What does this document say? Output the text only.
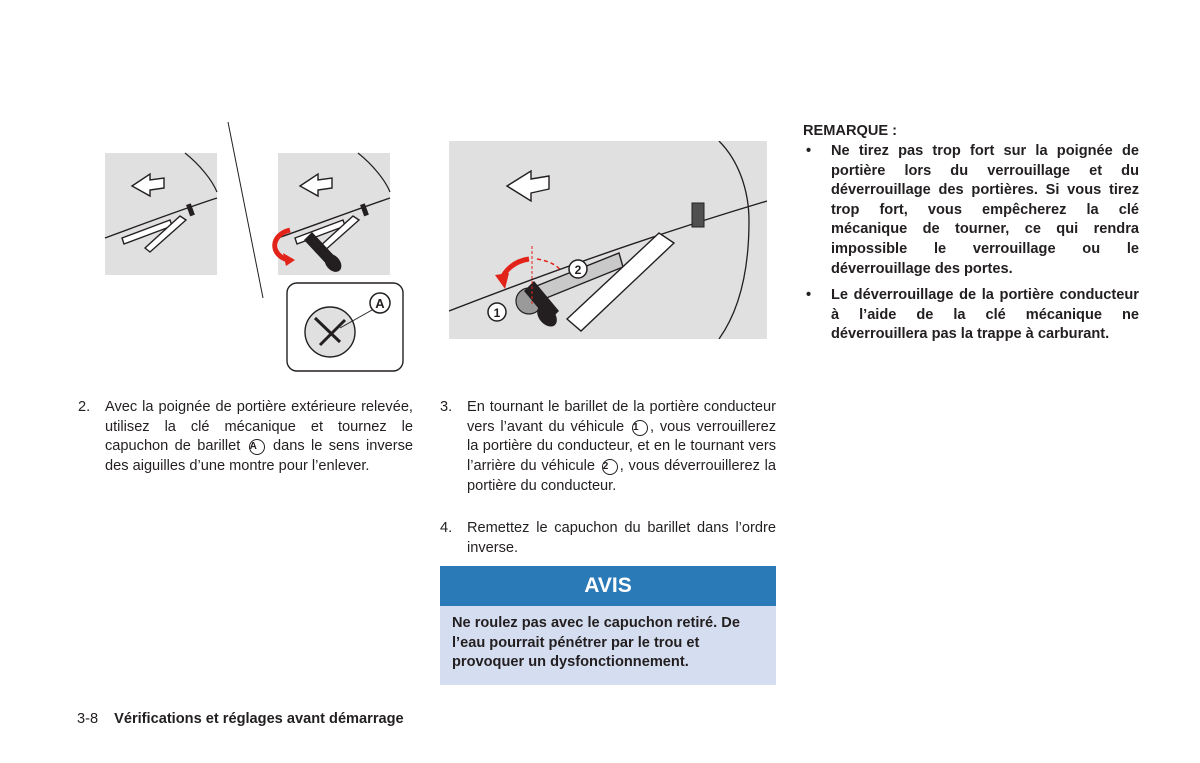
A
1
2
2. Avec la poignée de portière extérieure relevée, utilisez la clé mécanique et tournez le capuchon de barillet A dans le sens inverse des aiguilles d’une montre pour l’enlever.
3. En tournant le barillet de la portière conducteur vers l’avant du véhicule 1 , vous verrouillerez la portière du conducteur, et en le tournant vers l’arrière du véhicule 2 , vous déverrouillerez la portière du conducteur.
4. Remettez le capuchon du barillet dans l’ordre inverse.
AVIS
Ne roulez pas avec le capuchon retiré. De l’eau pourrait pénétrer par le trou et provoquer un dysfonctionnement.
REMARQUE :
• Ne tirez pas trop fort sur la poignée de portière lors du verrouillage et du déverrouillage des portières. Si vous tirez trop fort, vous empêcherez la clé mécanique de tourner, ce qui rendra impossible le verrouillage ou le déverrouillage des portes.
• Le déverrouillage de la portière conducteur à l’aide de la clé mécanique ne déverrouillera pas la trappe à carburant.
3-8 Vérifications et réglages avant démarrage
